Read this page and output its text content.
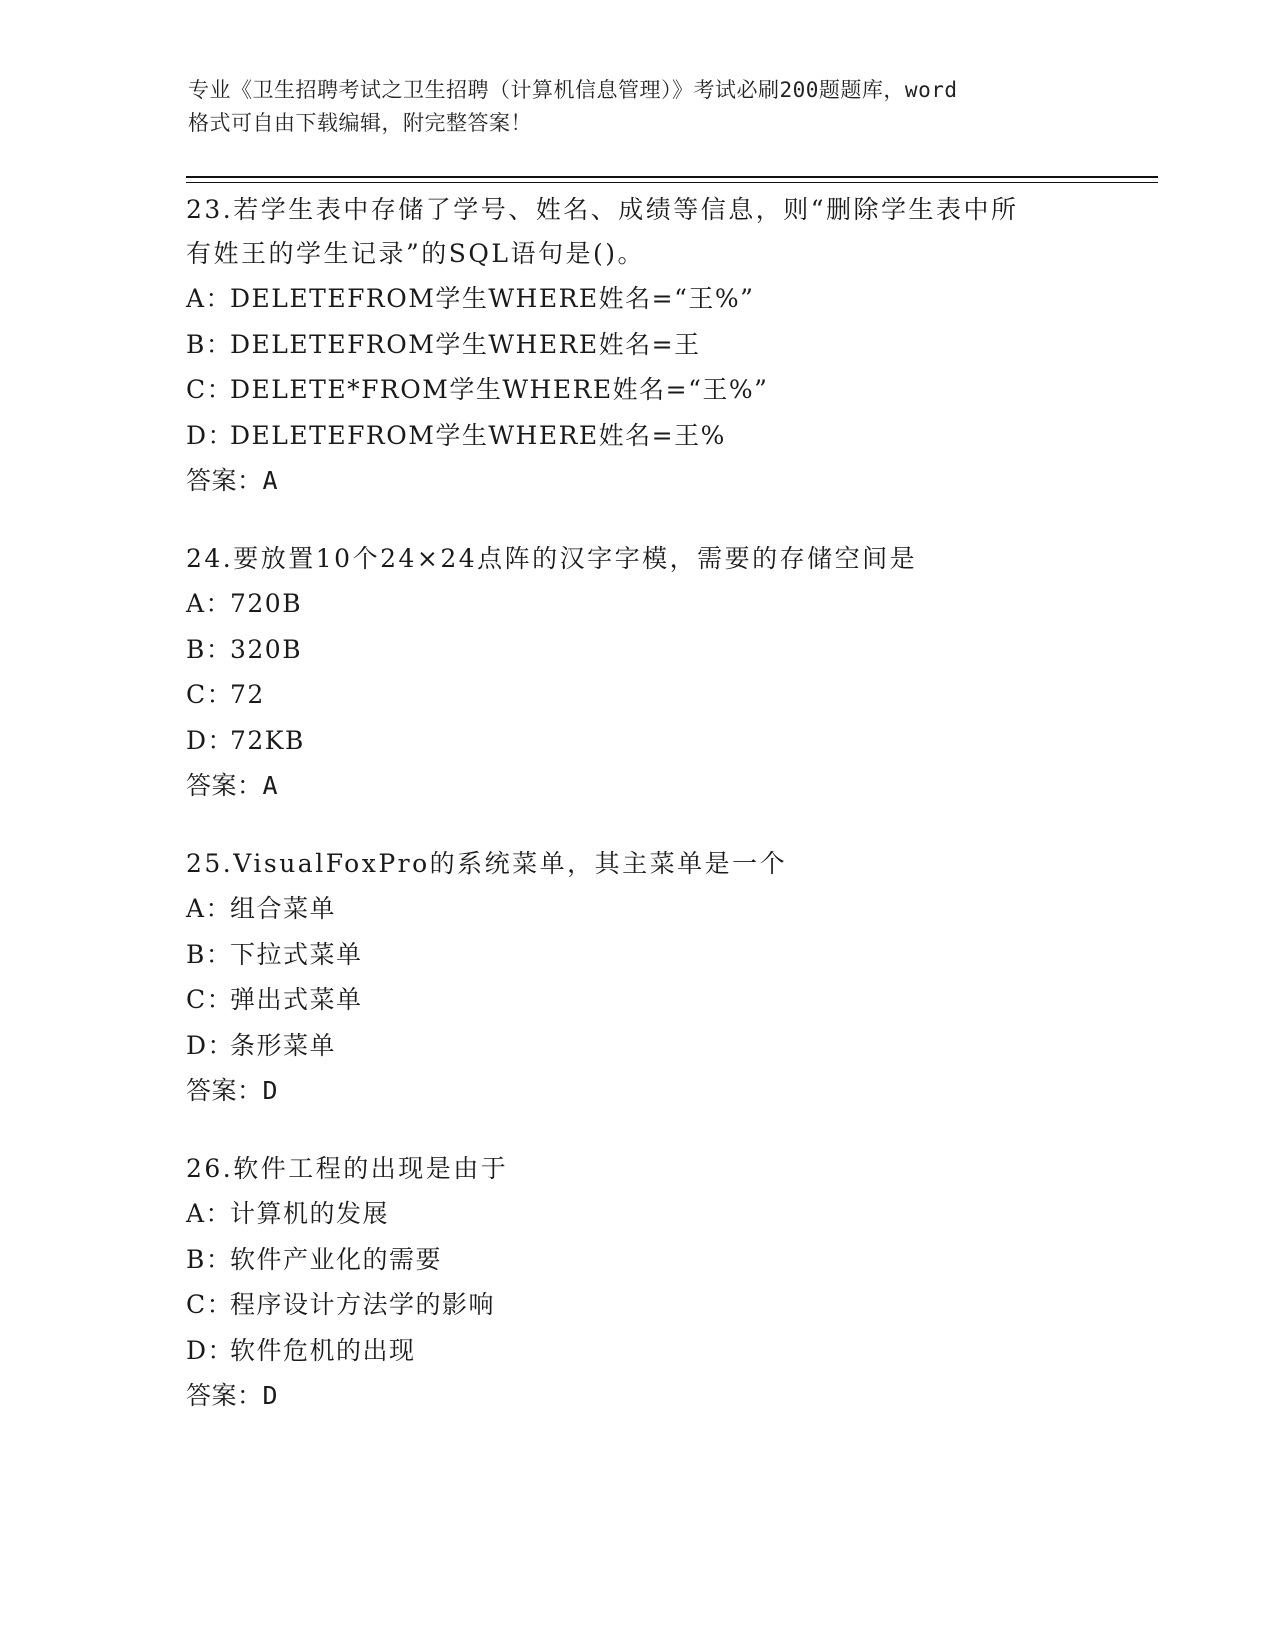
专业《卫生招聘考试之卫生招聘（计算机信息管理）》考试必刷200题题库，word
格式可自由下载编辑，附完整答案！
23.若学生表中存储了学号、姓名、成绩等信息，则“删除学生表中所
有姓王的学生记录”的SQL语句是()。
A：DELETEFROM学生WHERE姓名=“王%”
B：DELETEFROM学生WHERE姓名=王
C：DELETE*FROM学生WHERE姓名=“王%”
D：DELETEFROM学生WHERE姓名=王%
答案：A
24.要放置10个24×24点阵的汉字字模，需要的存储空间是
A：720B
B：320B
C：72
D：72KB
答案：A
25.VisualFoxPro的系统菜单，其主菜单是一个
A：组合菜单
B：下拉式菜单
C：弹出式菜单
D：条形菜单
答案：D
26.软件工程的出现是由于
A：计算机的发展
B：软件产业化的需要
C：程序设计方法学的影响
D：软件危机的出现
答案：D
